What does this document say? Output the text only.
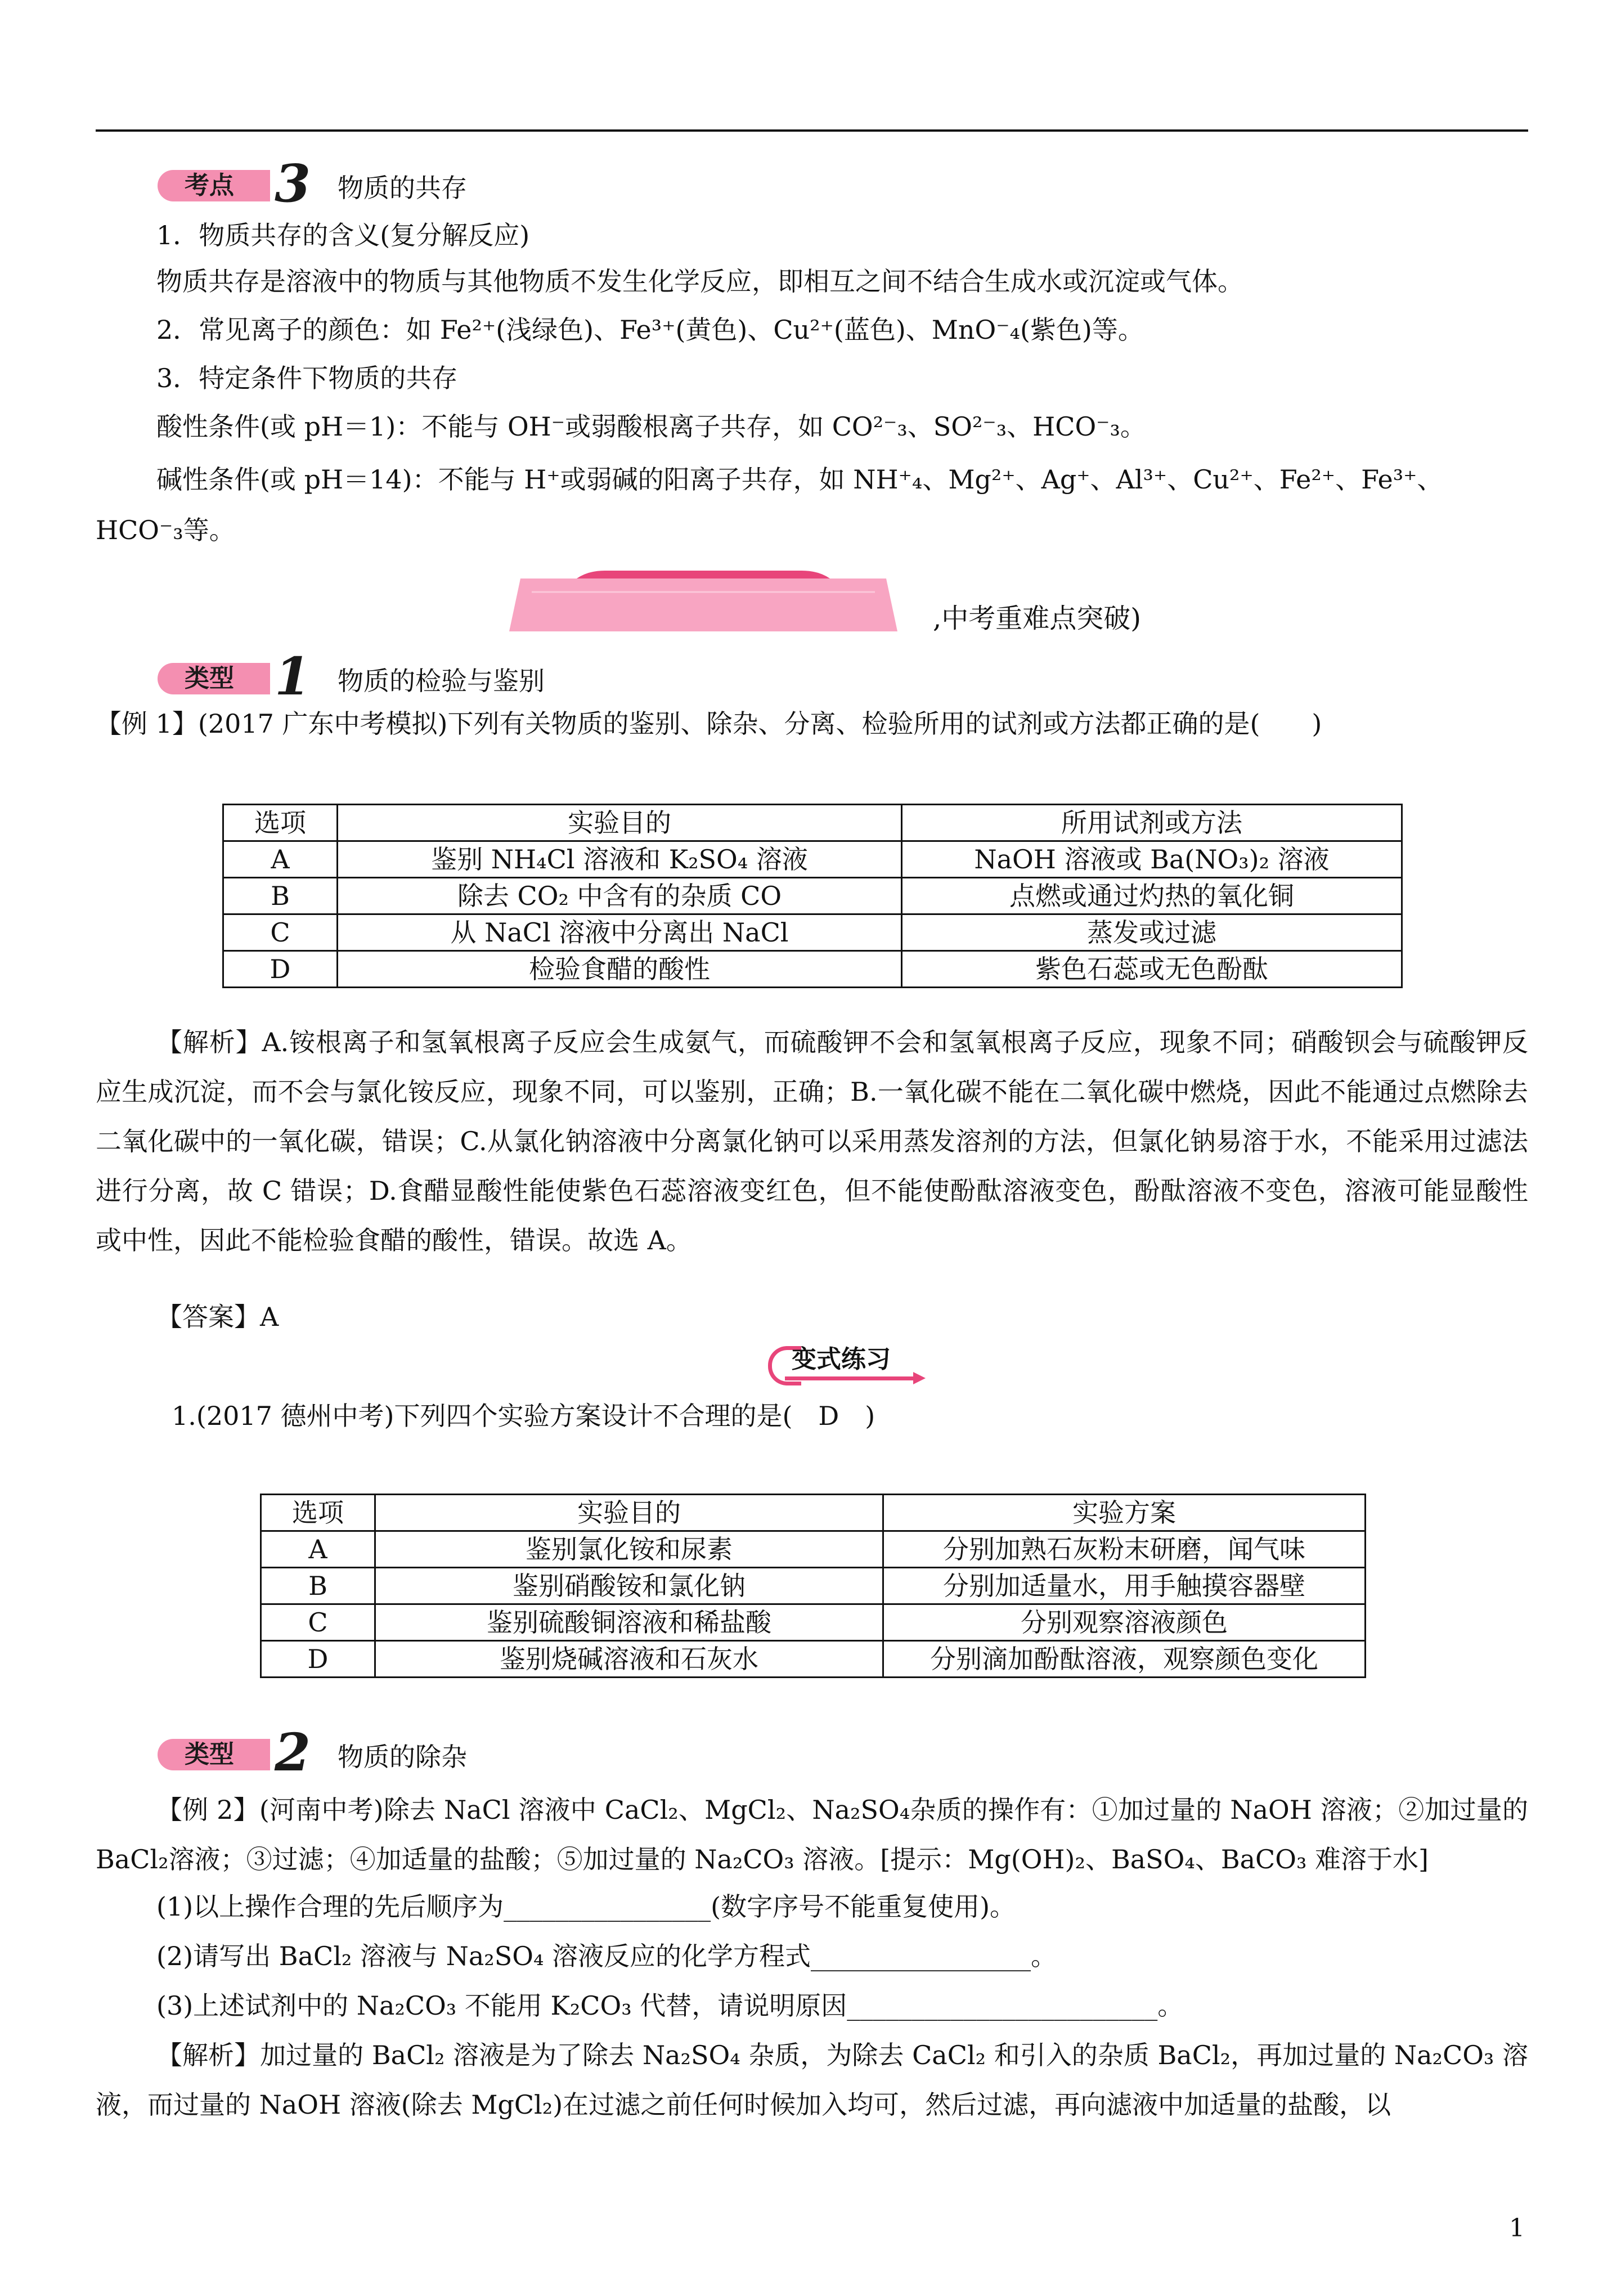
考点 3 物质的共存
1．物质共存的含义(复分解反应)
物质共存是溶液中的物质与其他物质不发生化学反应，即相互之间不结合生成水或沉淀或气体。
2．常见离子的颜色：如 Fe²⁺(浅绿色)、Fe³⁺(黄色)、Cu²⁺(蓝色)、MnO⁻₄(紫色)等。
3．特定条件下物质的共存
酸性条件(或 pH＝1)：不能与 OH⁻或弱酸根离子共存，如 CO²⁻₃、SO²⁻₃、HCO⁻₃。
碱性条件(或 pH＝14)：不能与 H⁺或弱碱的阳离子共存，如 NH⁺₄、Mg²⁺、Ag⁺、Al³⁺、Cu²⁺、Fe²⁺、Fe³⁺、
HCO⁻₃等。
,中考重难点突破)
类型 1 物质的检验与鉴别
【例 1】(2017 广东中考模拟)下列有关物质的鉴别、除杂、分离、检验所用的试剂或方法都正确的是(　　)
选项	实验目的	所用试剂或方法
A	鉴别 NH₄Cl 溶液和 K₂SO₄ 溶液	NaOH 溶液或 Ba(NO₃)₂ 溶液
B	除去 CO₂ 中含有的杂质 CO	点燃或通过灼热的氧化铜
C	从 NaCl 溶液中分离出 NaCl	蒸发或过滤
D	检验食醋的酸性	紫色石蕊或无色酚酞
【解析】A.铵根离子和氢氧根离子反应会生成氨气，而硫酸钾不会和氢氧根离子反应，现象不同；硝酸钡会与硫酸钾反应生成沉淀，而不会与氯化铵反应，现象不同，可以鉴别，正确；B.一氧化碳不能在二氧化碳中燃烧，因此不能通过点燃除去二氧化碳中的一氧化碳，错误；C.从氯化钠溶液中分离氯化钠可以采用蒸发溶剂的方法，但氯化钠易溶于水，不能采用过滤法进行分离，故 C 错误；D.食醋显酸性能使紫色石蕊溶液变红色，但不能使酚酞溶液变色，酚酞溶液不变色，溶液可能显酸性或中性，因此不能检验食醋的酸性，错误。故选 A。
【答案】A
变式练习
1.(2017 德州中考)下列四个实验方案设计不合理的是(　D　)
选项	实验目的	实验方案
A	鉴别氯化铵和尿素	分别加熟石灰粉末研磨，闻气味
B	鉴别硝酸铵和氯化钠	分别加适量水，用手触摸容器壁
C	鉴别硫酸铜溶液和稀盐酸	分别观察溶液颜色
D	鉴别烧碱溶液和石灰水	分别滴加酚酞溶液，观察颜色变化
类型 2 物质的除杂
【例 2】(河南中考)除去 NaCl 溶液中 CaCl₂、MgCl₂、Na₂SO₄杂质的操作有：①加过量的 NaOH 溶液；②加过量的 BaCl₂溶液；③过滤；④加适量的盐酸；⑤加过量的 Na₂CO₃ 溶液。[提示：Mg(OH)₂、BaSO₄、BaCO₃ 难溶于水]
(1)以上操作合理的先后顺序为________________(数字序号不能重复使用)。
(2)请写出 BaCl₂ 溶液与 Na₂SO₄ 溶液反应的化学方程式_________________。
(3)上述试剂中的 Na₂CO₃ 不能用 K₂CO₃ 代替，请说明原因________________________。
【解析】加过量的 BaCl₂ 溶液是为了除去 Na₂SO₄ 杂质，为除去 CaCl₂ 和引入的杂质 BaCl₂，再加过量的 Na₂CO₃ 溶液，而过量的 NaOH 溶液(除去 MgCl₂)在过滤之前任何时候加入均可，然后过滤，再向滤液中加适量的盐酸，以
1
